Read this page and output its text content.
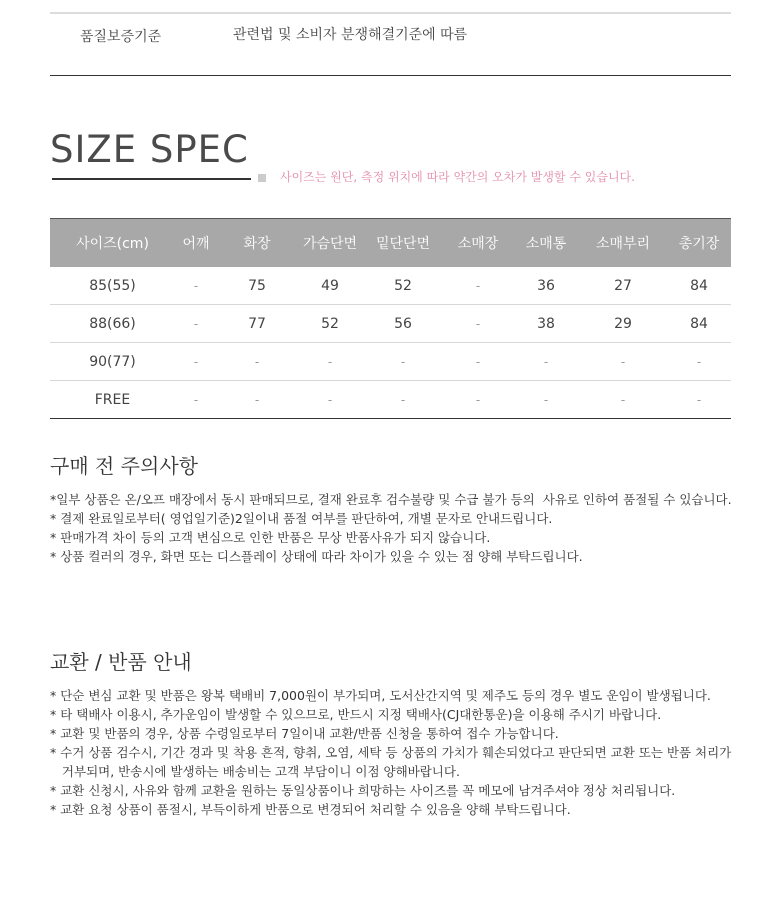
품질보증기준	관련법 및 소비자 분쟁해결기준에 따름
SIZE SPEC
사이즈는 원단, 측정 위치에 따라 약간의 오차가 발생할 수 있습니다.
사이즈(cm)	어깨	화장	가슴단면	밑단단면	소매장	소매통	소매부리	총기장
85(55)	-	75	49	52	-	36	27	84
88(66)	-	77	52	56	-	38	29	84
90(77)	-	-	-	-	-	-	-	-
FREE	-	-	-	-	-	-	-	-
구매 전 주의사항
*일부 상품은 온/오프 매장에서 동시 판매되므로, 결재 완료후 검수불량 및 수급 불가 등의  사유로 인하여 품절될 수 있습니다.
* 결제 완료일로부터( 영업일기준)2일이내 품절 여부를 판단하여, 개별 문자로 안내드립니다.
* 판매가격 차이 등의 고객 변심으로 인한 반품은 무상 반품사유가 되지 않습니다.
* 상품 컬러의 경우, 화면 또는 디스플레이 상태에 따라 차이가 있을 수 있는 점 양해 부탁드립니다.
교환 / 반품 안내
* 단순 변심 교환 및 반품은 왕복 택배비 7,000원이 부가되며, 도서산간지역 및 제주도 등의 경우 별도 운임이 발생됩니다.
* 타 택배사 이용시, 추가운임이 발생할 수 있으므로, 반드시 지정 택배사(CJ대한통운)을 이용해 주시기 바랍니다.
* 교환 및 반품의 경우, 상품 수령일로부터 7일이내 교환/반품 신청을 통하여 접수 가능합니다.
* 수거 상품 검수시, 기간 경과 및 착용 흔적, 향취, 오염, 세탁 등 상품의 가치가 훼손되었다고 판단되면 교환 또는 반품 처리가
거부되며, 반송시에 발생하는 배송비는 고객 부담이니 이점 양해바랍니다.
* 교환 신청시, 사유와 함께 교환을 원하는 동일상품이나 희망하는 사이즈를 꼭 메모에 남겨주셔야 정상 처리됩니다.
* 교환 요청 상품이 품절시, 부득이하게 반품으로 변경되어 처리할 수 있음을 양해 부탁드립니다.
